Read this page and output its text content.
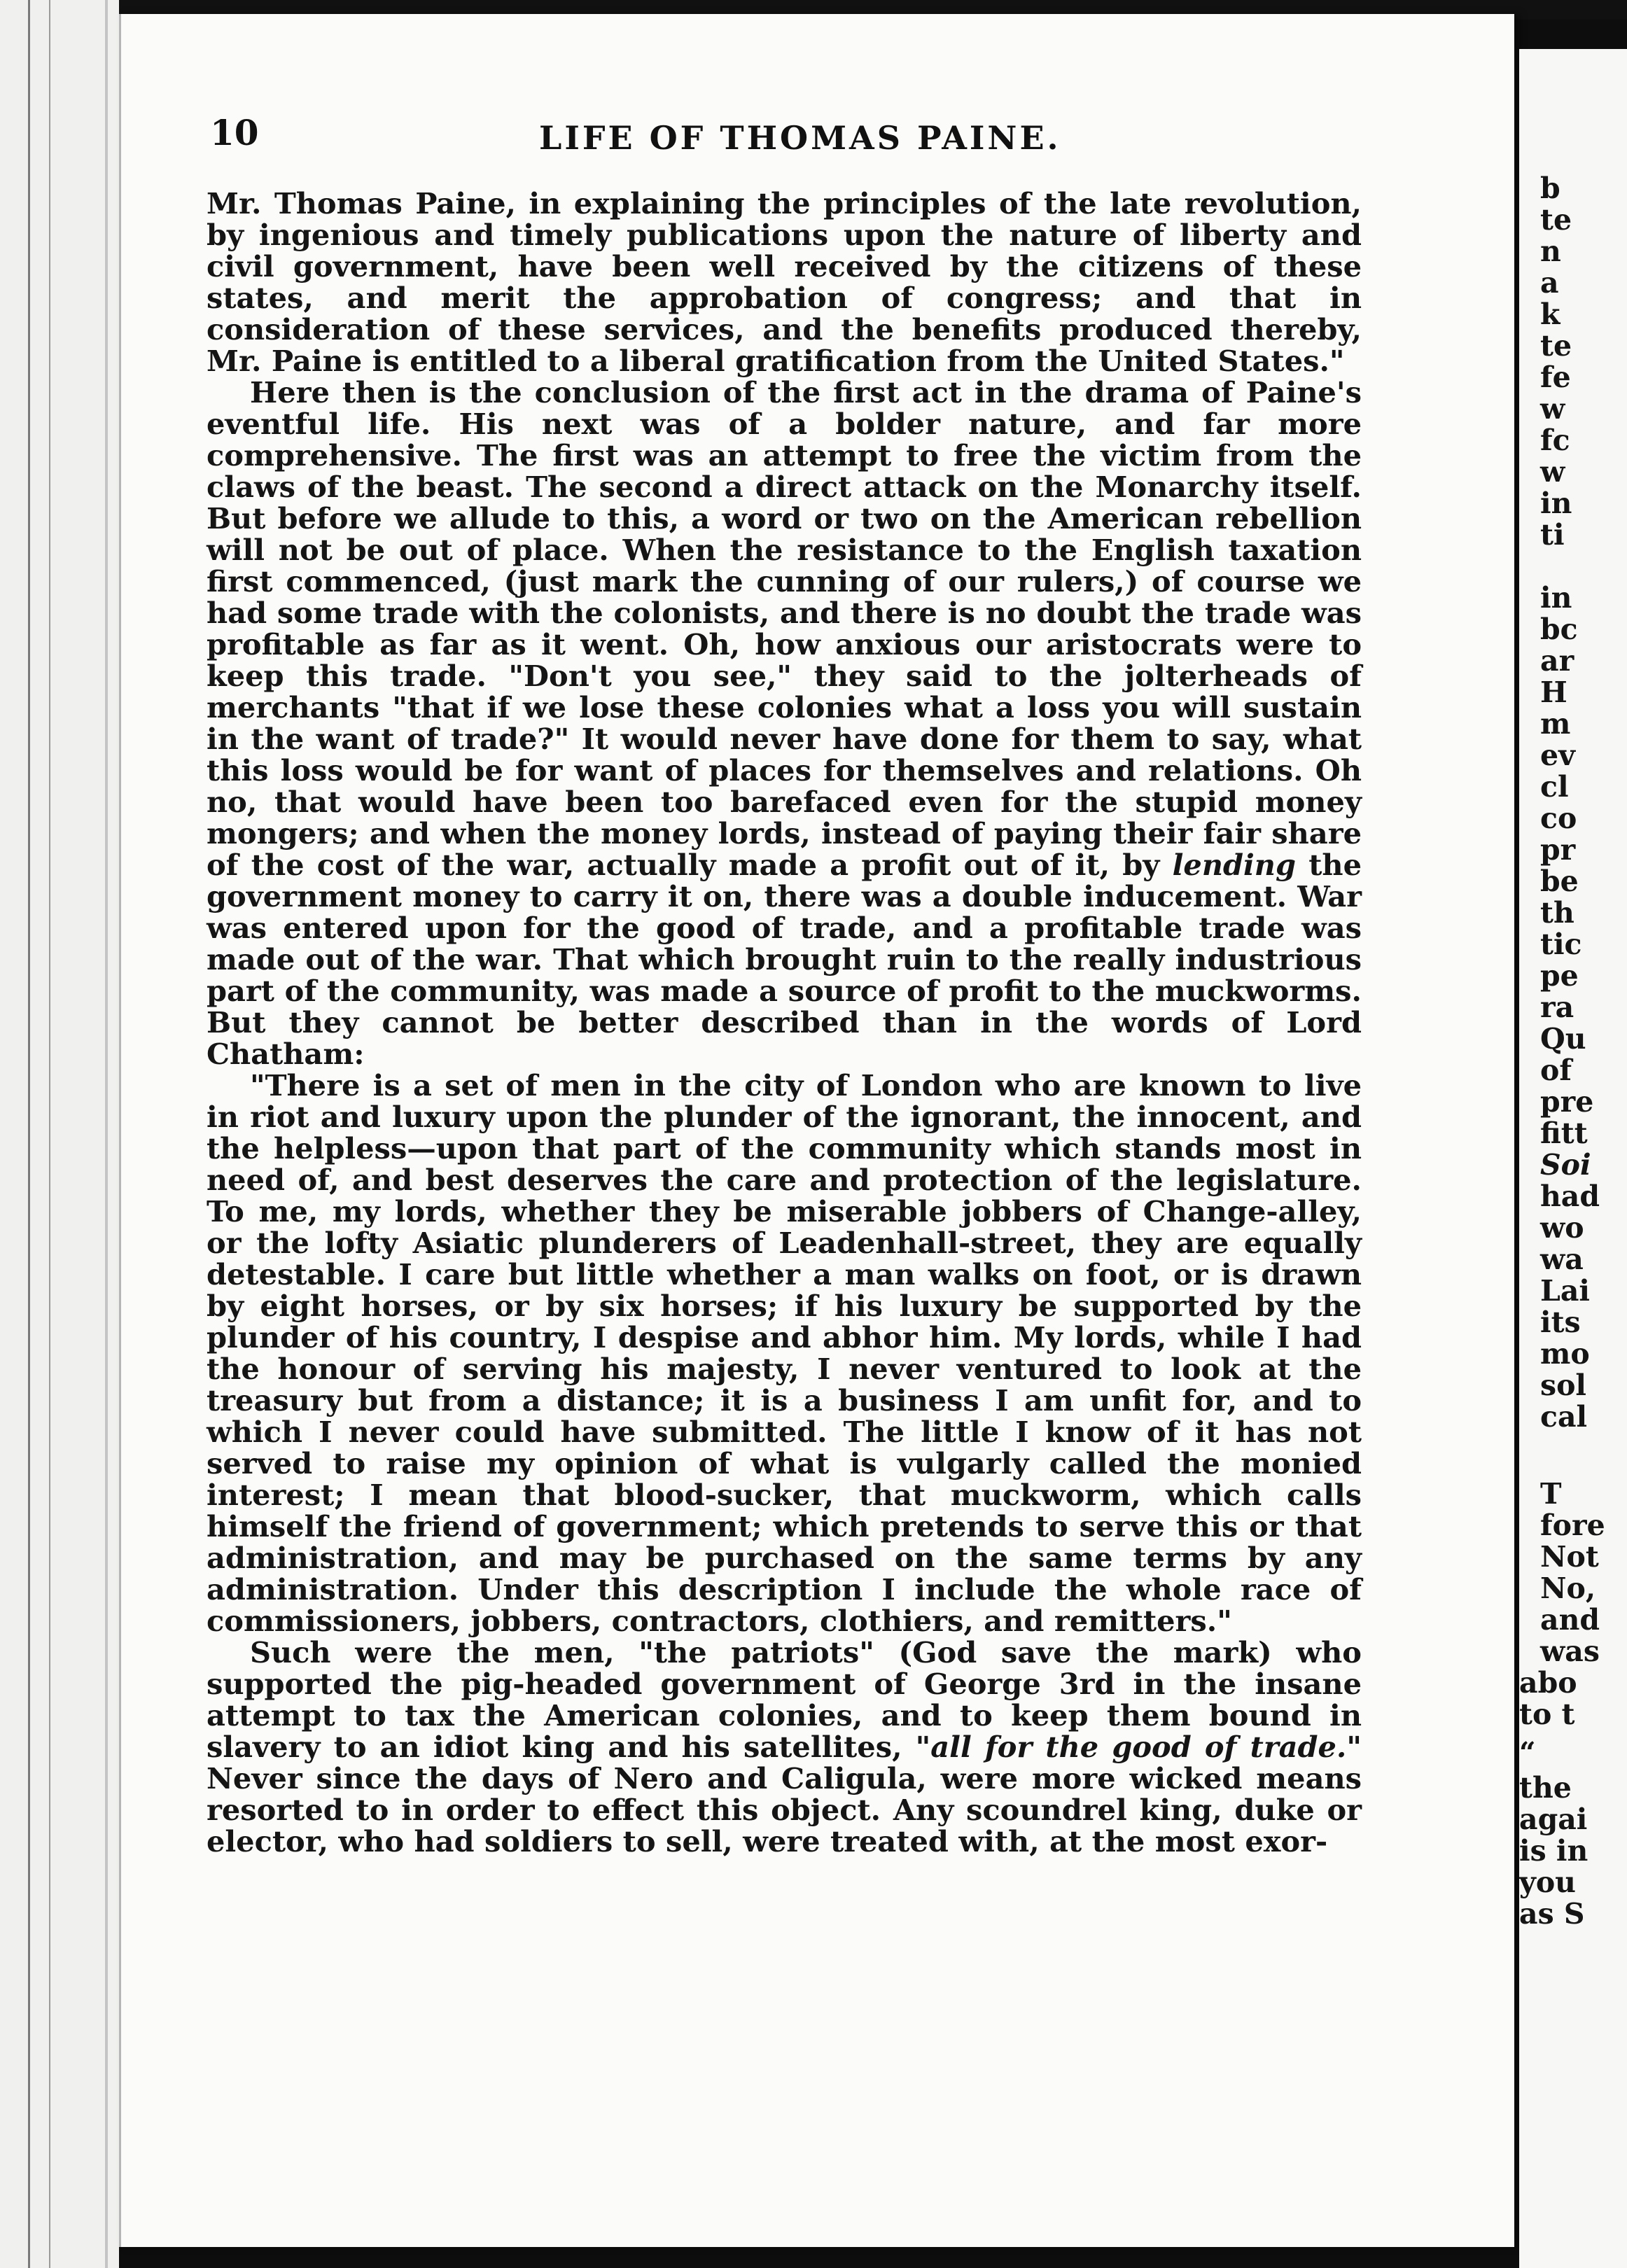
10	LIFE OF THOMAS PAINE.

Mr. Thomas Paine, in explaining the principles of the late revolution, by ingenious and timely publications upon the nature of liberty and civil government, have been well received by the citizens of these states, and merit the approbation of congress; and that in consideration of these services, and the benefits produced thereby, Mr. Paine is entitled to a liberal gratification from the United States."

Here then is the conclusion of the first act in the drama of Paine's eventful life. His next was of a bolder nature, and far more comprehensive. The first was an attempt to free the victim from the claws of the beast. The second a direct attack on the Monarchy itself. But before we allude to this, a word or two on the American rebellion will not be out of place. When the resistance to the English taxation first commenced, (just mark the cunning of our rulers,) of course we had some trade with the colonists, and there is no doubt the trade was profitable as far as it went. Oh, how anxious our aristocrats were to keep this trade. "Don't you see," they said to the jolterheads of merchants "that if we lose these colonies what a loss you will sustain in the want of trade?" It would never have done for them to say, what this loss would be for want of places for themselves and relations. Oh no, that would have been too barefaced even for the stupid money mongers; and when the money lords, instead of paying their fair share of the cost of the war, actually made a profit out of it, by lending the government money to carry it on, there was a double inducement. War was entered upon for the good of trade, and a profitable trade was made out of the war. That which brought ruin to the really industrious part of the community, was made a source of profit to the muckworms. But they cannot be better described than in the words of Lord Chatham:

"There is a set of men in the city of London who are known to live in riot and luxury upon the plunder of the ignorant, the innocent, and the helpless—upon that part of the community which stands most in need of, and best deserves the care and protection of the legislature. To me, my lords, whether they be miserable jobbers of Change-alley, or the lofty Asiatic plunderers of Leadenhall-street, they are equally detestable. I care but little whether a man walks on foot, or is drawn by eight horses, or by six horses; if his luxury be supported by the plunder of his country, I despise and abhor him. My lords, while I had the honour of serving his majesty, I never ventured to look at the treasury but from a distance; it is a business I am unfit for, and to which I never could have submitted. The little I know of it has not served to raise my opinion of what is vulgarly called the monied interest; I mean that blood-sucker, that muckworm, which calls himself the friend of government; which pretends to serve this or that administration, and may be purchased on the same terms by any administration. Under this description I include the whole race of commissioners, jobbers, contractors, clothiers, and remitters."

Such were the men, "the patriots" (God save the mark) who supported the pig-headed government of George 3rd in the insane attempt to tax the American colonies, and to keep them bound in slavery to an idiot king and his satellites, "all for the good of trade." Never since the days of Nero and Caligula, were more wicked means resorted to in order to effect this object. Any scoundrel king, duke or elector, who had soldiers to sell, were treated with, at the most exor-

b
te
n
a
k
te
fe
w
fc
w
in
ti
in
bc
ar
H
m
ev
cl
co
pr
be
th
tic
pe
ra
Qu
of
pre
fitt
Soi
had
wo
wa
Lai
its
mo
sol
cal
T
fore
Not
No,
and
was
abo
to t
“
the
agai
is in
you
as S
